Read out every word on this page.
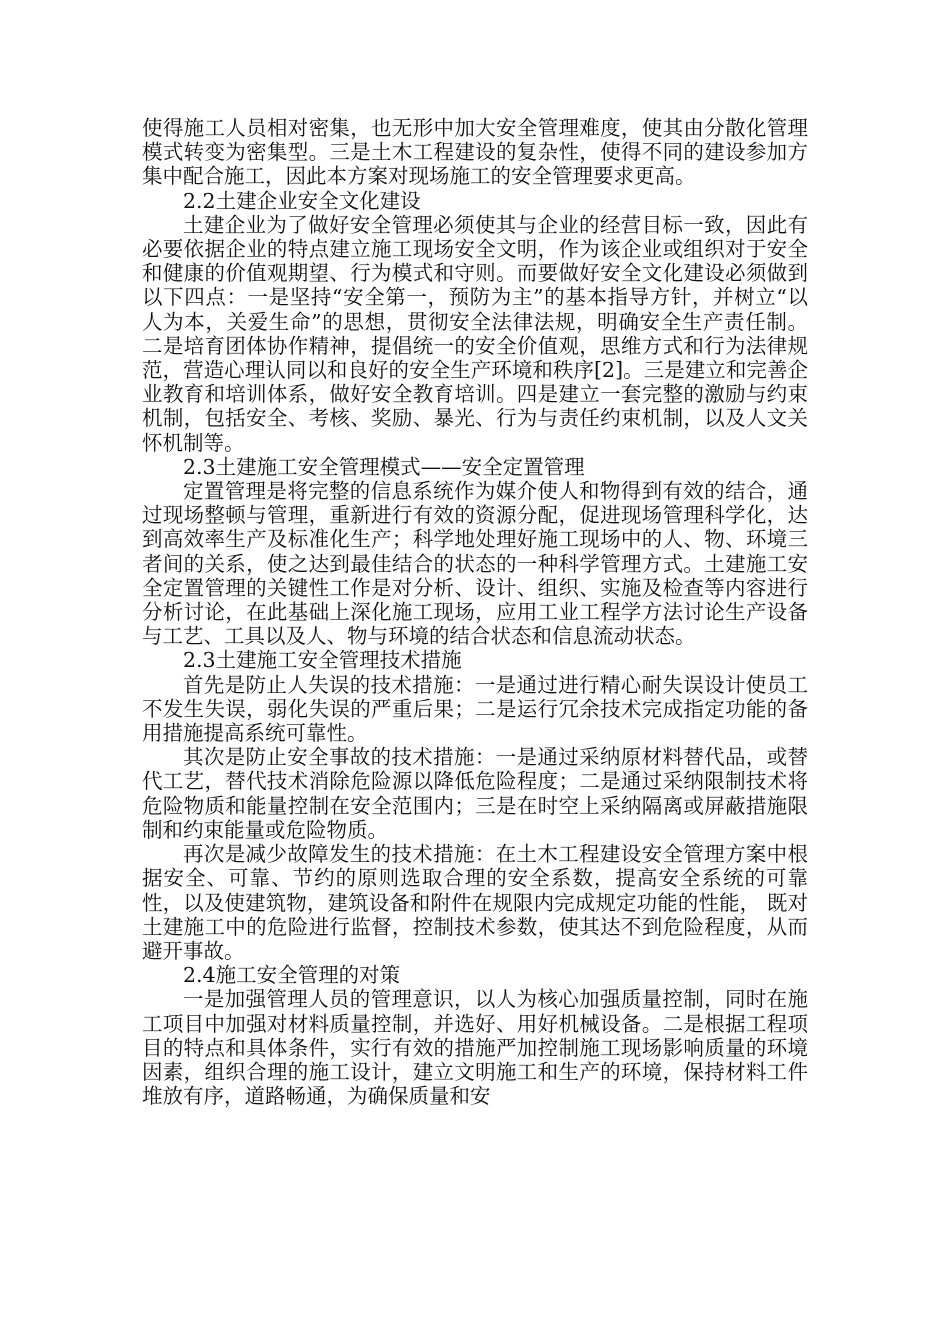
使得施工人员相对密集，也无形中加大安全管理难度，使其由分散化管理模式转变为密集型。三是土木工程建设的复杂性，使得不同的建设参加方集中配合施工，因此本方案对现场施工的安全管理要求更高。

2.2土建企业安全文化建设

土建企业为了做好安全管理必须使其与企业的经营目标一致，因此有必要依据企业的特点建立施工现场安全文明，作为该企业或组织对于安全和健康的价值观期望、行为模式和守则。而要做好安全文化建设必须做到以下四点：一是坚持“安全第一，预防为主”的基本指导方针，并树立“以人为本，关爱生命”的思想，贯彻安全法律法规，明确安全生产责任制。二是培育团体协作精神，提倡统一的安全价值观，思维方式和行为法律规范，营造心理认同以和良好的安全生产环境和秩序[2]。三是建立和完善企业教育和培训体系，做好安全教育培训。四是建立一套完整的激励与约束机制，包括安全、考核、奖励、暴光、行为与责任约束机制，以及人文关怀机制等。

2.3土建施工安全管理模式——安全定置管理

定置管理是将完整的信息系统作为媒介使人和物得到有效的结合，通过现场整顿与管理，重新进行有效的资源分配，促进现场管理科学化，达到高效率生产及标准化生产；科学地处理好施工现场中的人、物、环境三者间的关系，使之达到最佳结合的状态的一种科学管理方式。土建施工安全定置管理的关键性工作是对分析、设计、组织、实施及检查等内容进行分析讨论，在此基础上深化施工现场，应用工业工程学方法讨论生产设备与工艺、工具以及人、物与环境的结合状态和信息流动状态。

2.3土建施工安全管理技术措施

首先是防止人失误的技术措施：一是通过进行精心耐失误设计使员工不发生失误，弱化失误的严重后果；二是运行冗余技术完成指定功能的备用措施提高系统可靠性。

其次是防止安全事故的技术措施：一是通过采纳原材料替代品，或替代工艺，替代技术消除危险源以降低危险程度；二是通过采纳限制技术将危险物质和能量控制在安全范围内；三是在时空上采纳隔离或屏蔽措施限制和约束能量或危险物质。

再次是减少故障发生的技术措施：在土木工程建设安全管理方案中根据安全、可靠、节约的原则选取合理的安全系数，提高安全系统的可靠性，以及使建筑物，建筑设备和附件在规限内完成规定功能的性能， 既对土建施工中的危险进行监督，控制技术参数，使其达不到危险程度，从而避开事故。

2.4施工安全管理的对策

一是加强管理人员的管理意识，以人为核心加强质量控制，同时在施工项目中加强对材料质量控制，并选好、用好机械设备。二是根据工程项目的特点和具体条件，实行有效的措施严加控制施工现场影响质量的环境因素，组织合理的施工设计，建立文明施工和生产的环境，保持材料工件堆放有序，道路畅通，为确保质量和安
